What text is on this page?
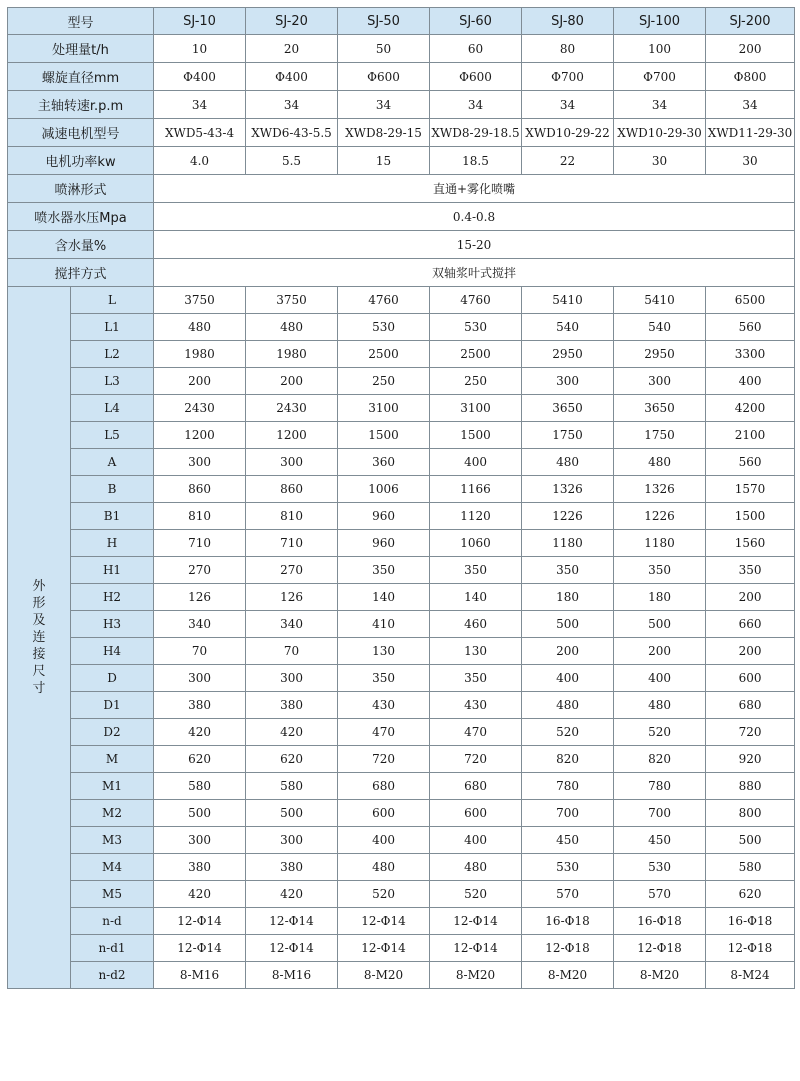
型号		SJ-10	SJ-20	SJ-50	SJ-60	SJ-80	SJ-100	SJ-200
处理量t/h		10	20	50	60	80	100	200
螺旋直径mm		Φ400	Φ400	Φ600	Φ600	Φ700	Φ700	Φ800
主轴转速r.p.m		34	34	34	34	34	34	34
减速电机型号		XWD5-43-4	XWD6-43-5.5	XWD8-29-15	XWD8-29-18.5	XWD10-29-22	XWD10-29-30	XWD11-29-30
电机功率kw		4.0	5.5	15	18.5	22	30	30
喷淋形式		直通+雾化喷嘴						
喷水器水压Mpa		0.4-0.8						
含水量%		15-20						
搅拌方式		双轴浆叶式搅拌						

外形及连接尺寸	L	3750	3750	4760	4760	5410	5410	6500
	L1	480	480	530	530	540	540	560
	L2	1980	1980	2500	2500	2950	2950	3300
	L3	200	200	250	250	300	300	400
	L4	2430	2430	3100	3100	3650	3650	4200
	L5	1200	1200	1500	1500	1750	1750	2100
	A	300	300	360	400	480	480	560
	B	860	860	1006	1166	1326	1326	1570
	B1	810	810	960	1120	1226	1226	1500
	H	710	710	960	1060	1180	1180	1560
	H1	270	270	350	350	350	350	350
	H2	126	126	140	140	180	180	200
	H3	340	340	410	460	500	500	660
	H4	70	70	130	130	200	200	200
	D	300	300	350	350	400	400	600
	D1	380	380	430	430	480	480	680
	D2	420	420	470	470	520	520	720
	M	620	620	720	720	820	820	920
	M1	580	580	680	680	780	780	880
	M2	500	500	600	600	700	700	800
	M3	300	300	400	400	450	450	500
	M4	380	380	480	480	530	530	580
	M5	420	420	520	520	570	570	620
	n-d	12-Φ14	12-Φ14	12-Φ14	12-Φ14	16-Φ18	16-Φ18	16-Φ18
	n-d1	12-Φ14	12-Φ14	12-Φ14	12-Φ14	12-Φ18	12-Φ18	12-Φ18
	n-d2	8-M16	8-M16	8-M20	8-M20	8-M20	8-M20	8-M24
